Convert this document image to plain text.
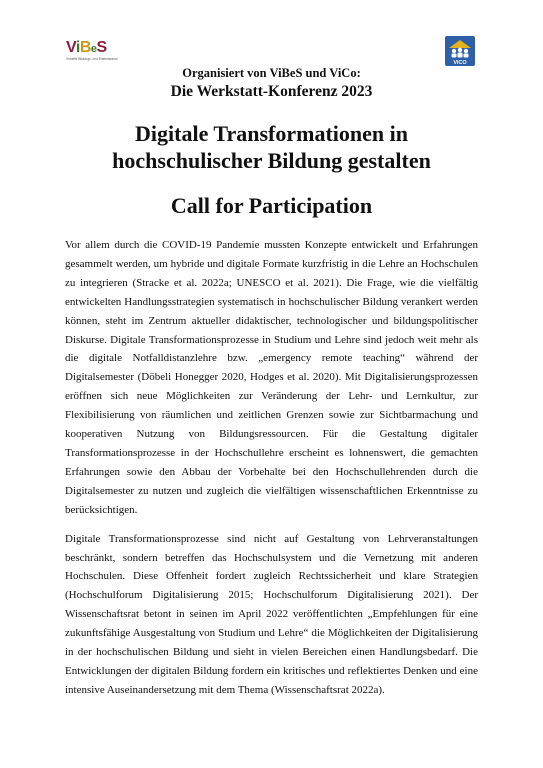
ViBeS
Virtuelle Bildungs- und Erlebnisraum
ViCO
Organisiert von ViBeS und ViCo:
Die Werkstatt-Konferenz 2023
Digitale Transformationen in
hochschulischer Bildung gestalten
Call for Participation

Vor allem durch die COVID-19 Pandemie mussten Konzepte entwickelt und Erfahrungen gesammelt werden, um hybride und digitale Formate kurzfristig in die Lehre an Hochschulen zu integrieren (Stracke et al. 2022a; UNESCO et al. 2021). Die Frage, wie die vielfältig entwickelten Handlungsstrategien systematisch in hochschulischer Bildung verankert werden können, steht im Zentrum aktueller didaktischer, technologischer und bildungspolitischer Diskurse. Digitale Transformationsprozesse in Studium und Lehre sind jedoch weit mehr als die digitale Notfalldistanzlehre bzw. „emergency remote teaching“ während der Digitalsemester (Döbeli Honegger 2020, Hodges et al. 2020). Mit Digitalisierungsprozessen eröffnen sich neue Möglichkeiten zur Veränderung der Lehr- und Lernkultur, zur Flexibilisierung von räumlichen und zeitlichen Grenzen sowie zur Sichtbarmachung und kooperativen Nutzung von Bildungsressourcen. Für die Gestaltung digitaler Transformationsprozesse in der Hochschullehre erscheint es lohnenswert, die gemachten Erfahrungen sowie den Abbau der Vorbehalte bei den Hochschullehrenden durch die Digitalsemester zu nutzen und zugleich die vielfältigen wissenschaftlichen Erkenntnisse zu berücksichtigen.

Digitale Transformationsprozesse sind nicht auf Gestaltung von Lehrveranstaltungen beschränkt, sondern betreffen das Hochschulsystem und die Vernetzung mit anderen Hochschulen. Diese Offenheit fordert zugleich Rechtssicherheit und klare Strategien (Hochschulforum Digitalisierung 2015; Hochschulforum Digitalisierung 2021). Der Wissenschaftsrat betont in seinen im April 2022 veröffentlichten „Empfehlungen für eine zukunftsfähige Ausgestaltung von Studium und Lehre“ die Möglichkeiten der Digitalisierung in der hochschulischen Bildung und sieht in vielen Bereichen einen Handlungsbedarf. Die Entwicklungen der digitalen Bildung fordern ein kritisches und reflektiertes Denken und eine intensive Auseinandersetzung mit dem Thema (Wissenschaftsrat 2022a).
